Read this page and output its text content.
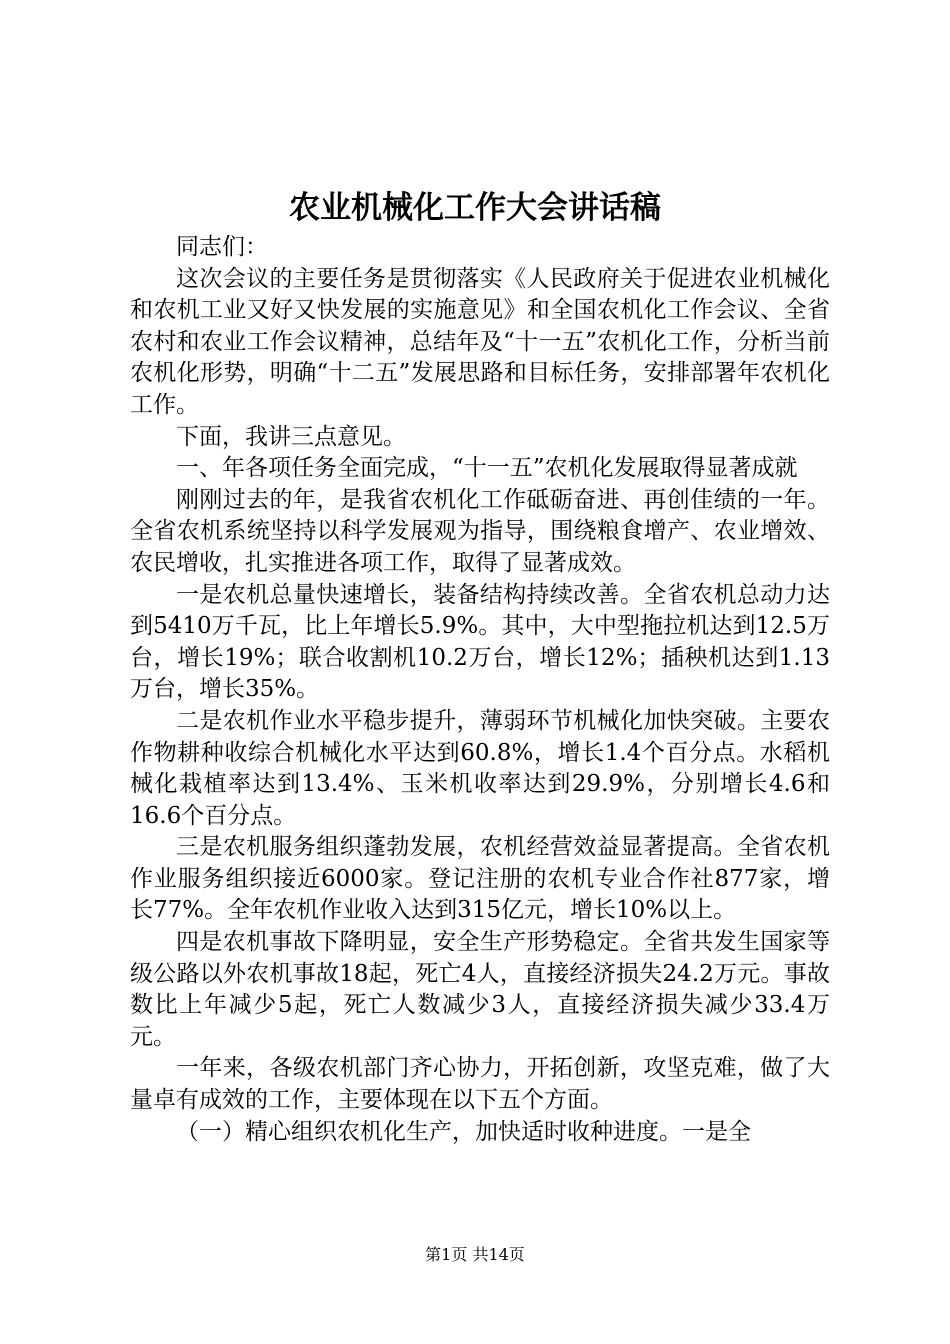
农业机械化工作大会讲话稿

同志们：

这次会议的主要任务是贯彻落实《人民政府关于促进农业机械化和农机工业又好又快发展的实施意见》和全国农机化工作会议、全省农村和农业工作会议精神，总结年及“十一五”农机化工作，分析当前农机化形势，明确“十二五”发展思路和目标任务，安排部署年农机化工作。

下面，我讲三点意见。

一、年各项任务全面完成，“十一五”农机化发展取得显著成就

刚刚过去的年，是我省农机化工作砥砺奋进、再创佳绩的一年。全省农机系统坚持以科学发展观为指导，围绕粮食增产、农业增效、农民增收，扎实推进各项工作，取得了显著成效。

一是农机总量快速增长，装备结构持续改善。全省农机总动力达到5410万千瓦，比上年增长5.9%。其中，大中型拖拉机达到12.5万台，增长19%；联合收割机10.2万台，增长12%；插秧机达到1.13万台，增长35%。

二是农机作业水平稳步提升，薄弱环节机械化加快突破。主要农作物耕种收综合机械化水平达到60.8%，增长1.4个百分点。水稻机械化栽植率达到13.4%、玉米机收率达到29.9%，分别增长4.6和16.6个百分点。

三是农机服务组织蓬勃发展，农机经营效益显著提高。全省农机作业服务组织接近6000家。登记注册的农机专业合作社877家，增长77%。全年农机作业收入达到315亿元，增长10%以上。

四是农机事故下降明显，安全生产形势稳定。全省共发生国家等级公路以外农机事故18起，死亡4人，直接经济损失24.2万元。事故数比上年减少5起，死亡人数减少3人，直接经济损失减少33.4万元。

一年来，各级农机部门齐心协力，开拓创新，攻坚克难，做了大量卓有成效的工作，主要体现在以下五个方面。

（一）精心组织农机化生产，加快适时收种进度。一是全

第1页 共14页
